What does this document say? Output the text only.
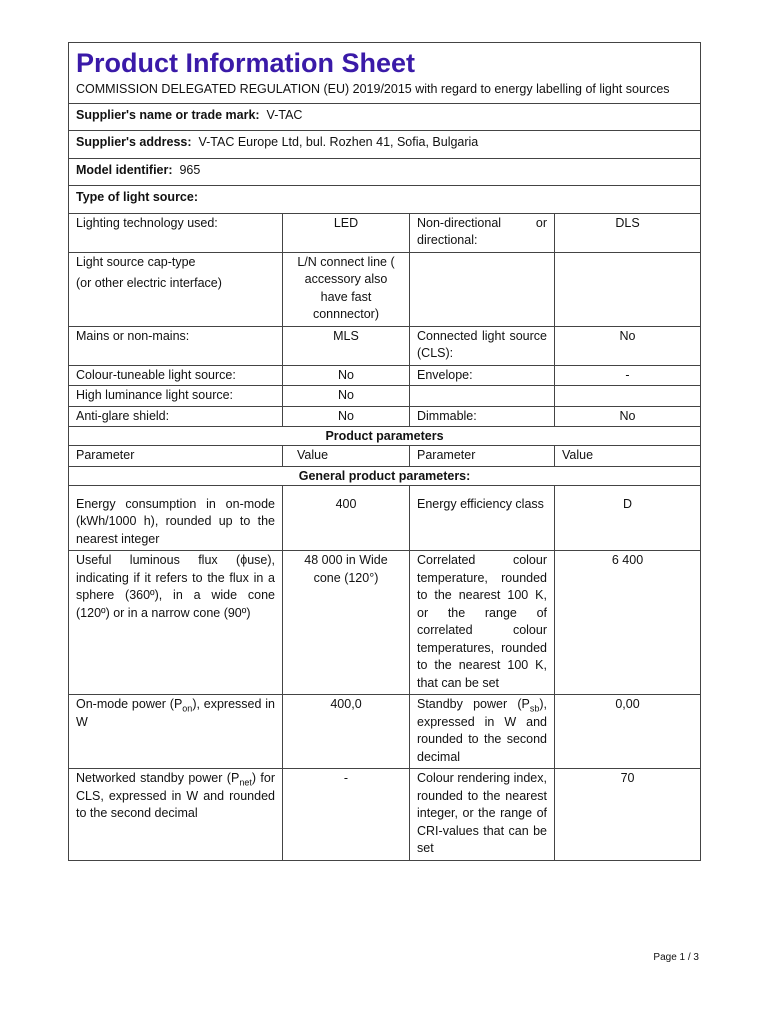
Product Information Sheet			
COMMISSION DELEGATED REGULATION (EU) 2019/2015 with regard to energy labelling of light sources			
Supplier's name or trade mark: V-TAC			
Supplier's address: V-TAC Europe Ltd, bul. Rozhen 41, Sofia, Bulgaria			
Model identifier: 965			
Type of light source:			
Lighting technology used:	LED	Non-directional or directional:	DLS

Light source cap-type
(or other electric interface)	L/N connect line ( accessory also have fast connnector)		
Mains or non-mains:	MLS	Connected light source (CLS):	No
Colour-tuneable light source:	No	Envelope:	-
High luminance light source:	No		
Anti-glare shield:	No	Dimmable:	No
Product parameters			
Parameter	Value	Parameter	Value
General product parameters:			
Energy consumption in on-mode (kWh/1000 h), rounded up to the nearest integer	400	Energy efficiency class	D
Useful luminous flux (ϕuse), indicating if it refers to the flux in a sphere (360º), in a wide cone (120º) or in a narrow cone (90º)	48 000 in Wide cone (120°)	Correlated colour temperature, rounded to the nearest 100 K, or the range of correlated colour temperatures, rounded to the nearest 100 K, that can be set	6 400
On-mode power $(P_{on})$, expressed in W	400,0	Standby power $(P_{sb})$, expressed in W and rounded to the second decimal	0,00
Networked standby power $(P_{net})$ for CLS, expressed in W and rounded to the second decimal	-	Colour rendering index, rounded to the nearest integer, or the range of CRI-values that can be set	70
Page 1 / 3
